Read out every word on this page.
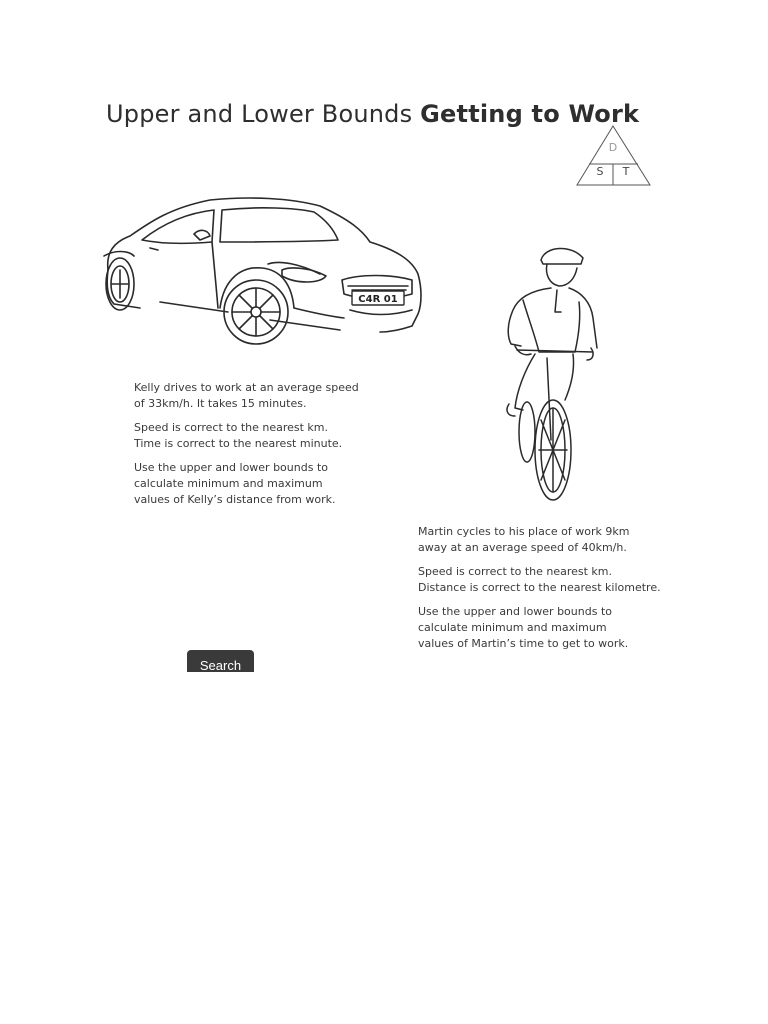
Upper and Lower Bounds Getting to Work
D
S T
C4R 01

Kelly drives to work at an average speed
of 33km/h. It takes 15 minutes.

Speed is correct to the nearest km.
Time is correct to the nearest minute.

Use the upper and lower bounds to
calculate minimum and maximum
values of Kelly’s distance from work.

Martin cycles to his place of work 9km
away at an average speed of 40km/h.

Speed is correct to the nearest km.
Distance is correct to the nearest kilometre.

Use the upper and lower bounds to
calculate minimum and maximum
values of Martin’s time to get to work.

Search
